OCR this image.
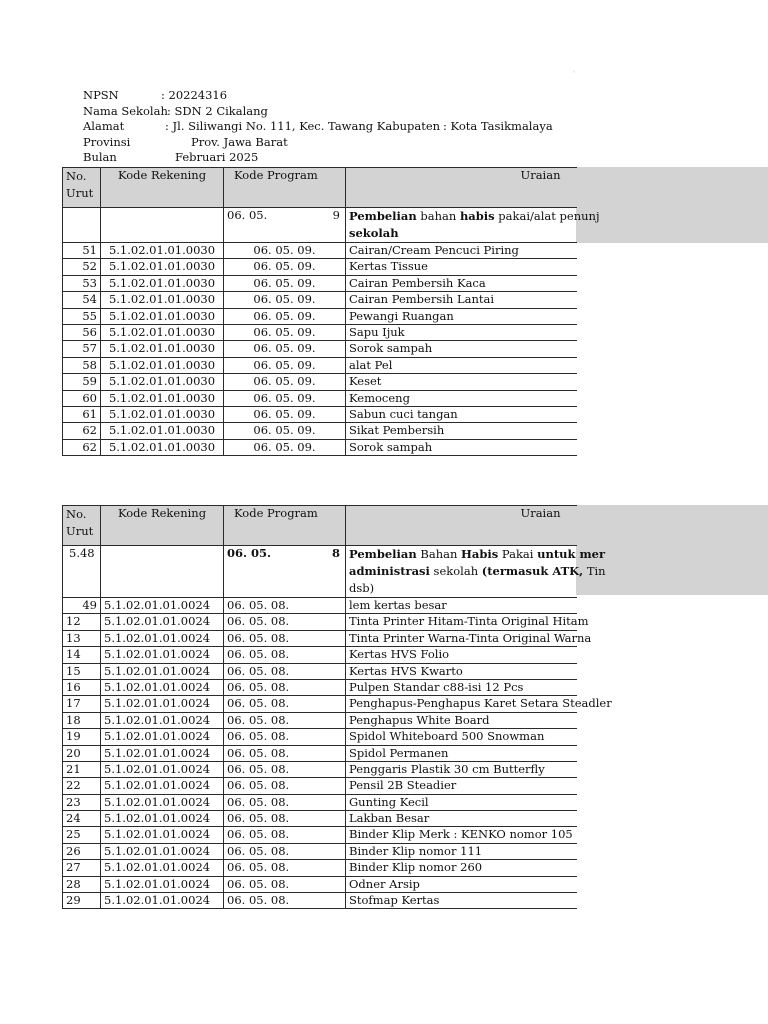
'
NPSN	: 20224316
Nama Sekolah : SDN 2 Cikalang
Alamat	: Jl. Siliwangi No. 111, Kec. Tawang Kabupaten : Kota Tasikmalaya
Provinsi	Prov. Jawa Barat
Bulan	Februari 2025
No. Urut	Kode Rekening	Kode Program	Uraian

		06. 05. 9	Pembelian bahan habis pakai/alat penunj
sekolah
51	5.1.02.01.01.0030	06. 05. 09.	Cairan/Cream Pencuci Piring
52	5.1.02.01.01.0030	06. 05. 09.	Kertas Tissue
53	5.1.02.01.01.0030	06. 05. 09.	Cairan Pembersih Kaca
54	5.1.02.01.01.0030	06. 05. 09.	Cairan Pembersih Lantai
55	5.1.02.01.01.0030	06. 05. 09.	Pewangi Ruangan
56	5.1.02.01.01.0030	06. 05. 09.	Sapu Ijuk
57	5.1.02.01.01.0030	06. 05. 09.	Sorok sampah
58	5.1.02.01.01.0030	06. 05. 09.	alat Pel
59	5.1.02.01.01.0030	06. 05. 09.	Keset
60	5.1.02.01.01.0030	06. 05. 09.	Kemoceng
61	5.1.02.01.01.0030	06. 05. 09.	Sabun cuci tangan
62	5.1.02.01.01.0030	06. 05. 09.	Sikat Pembersih
62	5.1.02.01.01.0030	06. 05. 09.	Sorok sampah
No. Urut	Kode Rekening	Kode Program	Uraian
5.48		06. 05. 8	Pembelian Bahan Habis Pakai untuk mer
administrasi sekolah (termasuk ATK, Tin
dsb)
49	5.1.02.01.01.0024	06. 05. 08.	lem kertas besar
12	5.1.02.01.01.0024	06. 05. 08.	Tinta Printer Hitam-Tinta Original Hitam
13	5.1.02.01.01.0024	06. 05. 08.	Tinta Printer Warna-Tinta Original Warna
14	5.1.02.01.01.0024	06. 05. 08.	Kertas HVS Folio
15	5.1.02.01.01.0024	06. 05. 08.	Kertas HVS Kwarto
16	5.1.02.01.01.0024	06. 05. 08.	Pulpen Standar c88-isi 12 Pcs
17	5.1.02.01.01.0024	06. 05. 08.	Penghapus-Penghapus Karet Setara Steadler
18	5.1.02.01.01.0024	06. 05. 08.	Penghapus White Board
19	5.1.02.01.01.0024	06. 05. 08.	Spidol Whiteboard 500 Snowman
20	5.1.02.01.01.0024	06. 05. 08.	Spidol Permanen
21	5.1.02.01.01.0024	06. 05. 08.	Penggaris Plastik 30 cm Butterfly
22	5.1.02.01.01.0024	06. 05. 08.	Pensil 2B Steadier
23	5.1.02.01.01.0024	06. 05. 08.	Gunting Kecil
24	5.1.02.01.01.0024	06. 05. 08.	Lakban Besar
25	5.1.02.01.01.0024	06. 05. 08.	Binder Klip Merk : KENKO nomor 105
26	5.1.02.01.01.0024	06. 05. 08.	Binder Klip nomor 111
27	5.1.02.01.01.0024	06. 05. 08.	Binder Klip nomor 260
28	5.1.02.01.01.0024	06. 05. 08.	Odner Arsip
29	5.1.02.01.01.0024	06. 05. 08.	Stofmap Kertas
